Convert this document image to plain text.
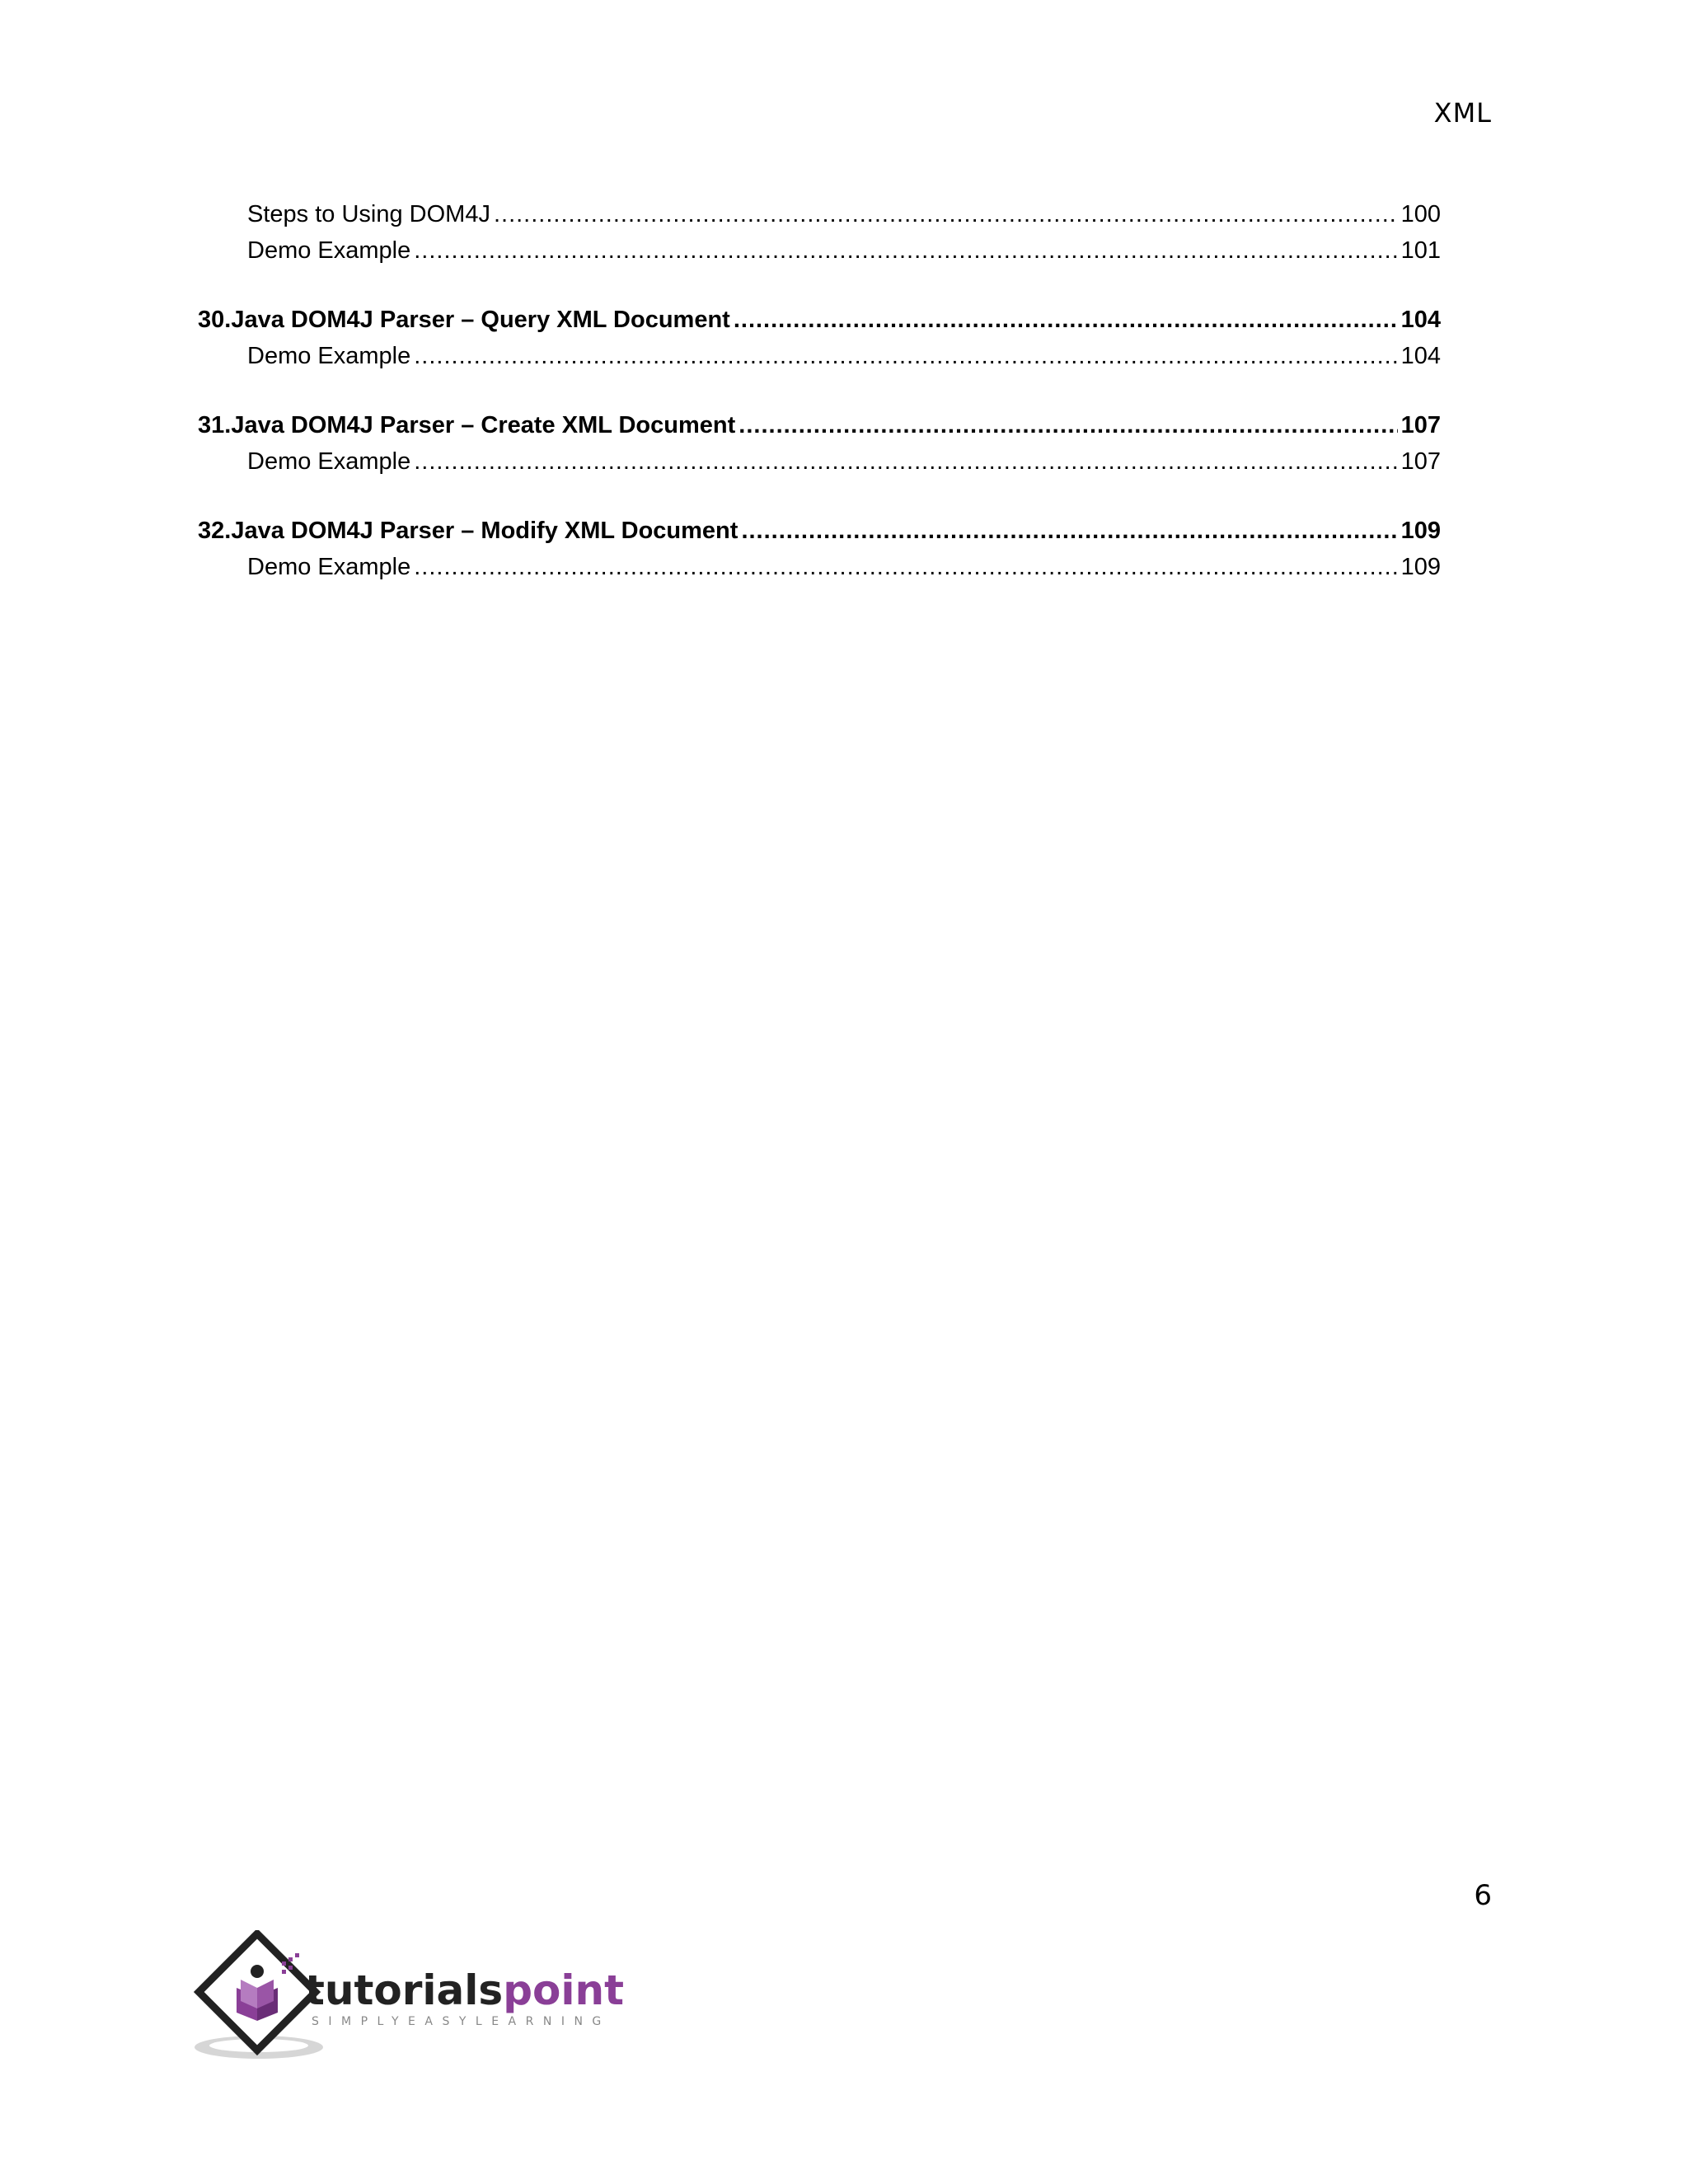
XML
Steps to Using DOM4J .....	100
Demo Example .....	101
30. Java DOM4J Parser – Query XML Document .....	104
Demo Example .....	104
31. Java DOM4J Parser – Create XML Document .....	107
Demo Example .....	107
32. Java DOM4J Parser – Modify XML Document .....	109
Demo Example .....	109
6
tutorialspoint
SIMPLYEASYLEARNING
